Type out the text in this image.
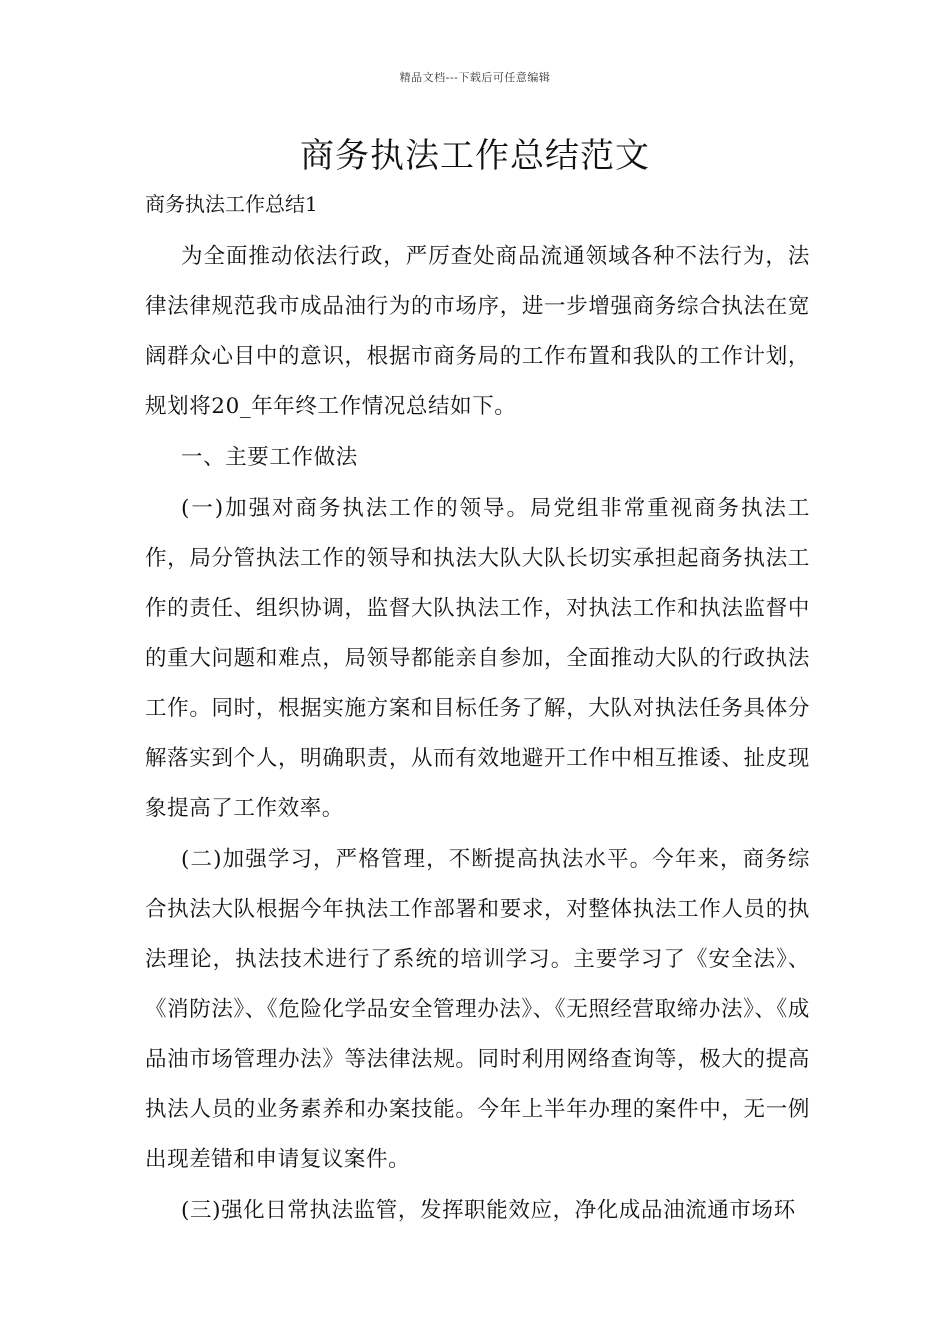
精品文档---下载后可任意编辑
商务执法工作总结范文

商务执法工作总结1

为全面推动依法行政，严厉查处商品流通领域各种不法行为，法律法律规范我市成品油行为的市场序，进一步增强商务综合执法在宽阔群众心目中的意识，根据市商务局的工作布置和我队的工作计划，规划将20_年年终工作情况总结如下。

一、主要工作做法

(一)加强对商务执法工作的领导。局党组非常重视商务执法工作，局分管执法工作的领导和执法大队大队长切实承担起商务执法工作的责任、组织协调，监督大队执法工作，对执法工作和执法监督中的重大问题和难点，局领导都能亲自参加，全面推动大队的行政执法工作。同时，根据实施方案和目标任务了解，大队对执法任务具体分解落实到个人，明确职责，从而有效地避开工作中相互推诿、扯皮现象提高了工作效率。

(二)加强学习，严格管理，不断提高执法水平。今年来，商务综合执法大队根据今年执法工作部署和要求，对整体执法工作人员的执法理论，执法技术进行了系统的培训学习。主要学习了《安全法》、《消防法》、《危险化学品安全管理办法》、《无照经营取缔办法》、《成品油市场管理办法》等法律法规。同时利用网络查询等，极大的提高执法人员的业务素养和办案技能。今年上半年办理的案件中，无一例出现差错和申请复议案件。

(三)强化日常执法监管，发挥职能效应，净化成品油流通市场环
